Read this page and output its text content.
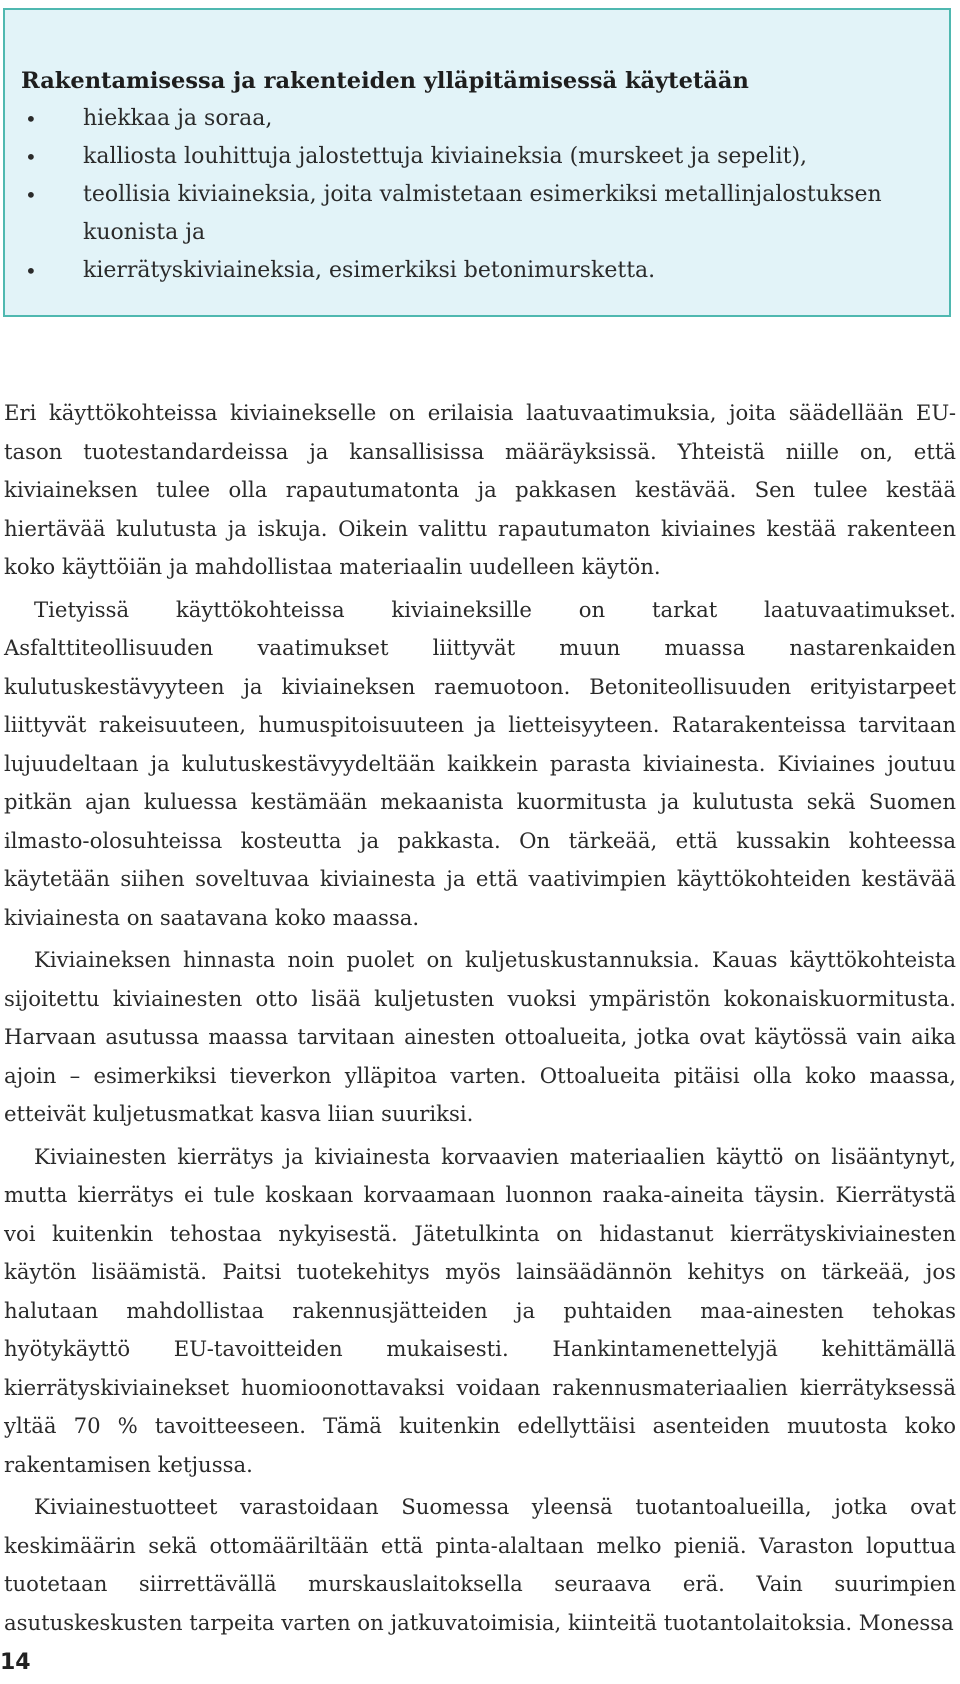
Rakentamisessa ja rakenteiden ylläpitämisessä käytetään

• hiekkaa ja soraa,
• kalliosta louhittuja jalostettuja kiviaineksia (murskeet ja sepelit),
• teollisia kiviaineksia, joita valmistetaan esimerkiksi metallinjalostuksen kuonista ja
• kierrätyskiviaineksia, esimerkiksi betonimursketta.

Eri käyttökohteissa kiviainekselle on erilaisia laatuvaatimuksia, joita säädellään EU-tason tuotestandardeissa ja kansallisissa määräyksissä. Yhteistä niille on, että kiviaineksen tulee olla rapautumatonta ja pakkasen kestävää. Sen tulee kestää hiertävää kulutusta ja iskuja. Oikein valittu rapautumaton kiviaines kestää rakenteen koko käyttöiän ja mahdollistaa materiaalin uudelleen käytön.

Tietyissä käyttökohteissa kiviaineksille on tarkat laatuvaatimukset. Asfalttiteollisuuden vaatimukset liittyvät muun muassa nastarenkaiden kulutuskestävyyteen ja kiviaineksen raemuotoon. Betoniteollisuuden erityistarpeet liittyvät rakeisuuteen, humuspitoisuuteen ja lietteisyyteen. Ratarakenteissa tarvitaan lujuudeltaan ja kulutuskestävyydeltään kaikkein parasta kiviainesta. Kiviaines joutuu pitkän ajan kuluessa kestämään mekaanista kuormitusta ja kulutusta sekä Suomen ilmasto-olosuhteissa kosteutta ja pakkasta. On tärkeää, että kussakin kohteessa käytetään siihen soveltuvaa kiviainesta ja että vaativimpien käyttökohteiden kestävää kiviainesta on saatavana koko maassa.

Kiviaineksen hinnasta noin puolet on kuljetuskustannuksia. Kauas käyttökohteista sijoitettu kiviainesten otto lisää kuljetusten vuoksi ympäristön kokonaiskuormitusta. Harvaan asutussa maassa tarvitaan ainesten ottoalueita, jotka ovat käytössä vain aika ajoin – esimerkiksi tieverkon ylläpitoa varten. Ottoalueita pitäisi olla koko maassa, etteivät kuljetusmatkat kasva liian suuriksi.

Kiviainesten kierrätys ja kiviainesta korvaavien materiaalien käyttö on lisääntynyt, mutta kierrätys ei tule koskaan korvaamaan luonnon raaka-aineita täysin. Kierrätystä voi kuitenkin tehostaa nykyisestä. Jätetulkinta on hidastanut kierrätyskiviainesten käytön lisäämistä. Paitsi tuotekehitys myös lainsäädännön kehitys on tärkeää, jos halutaan mahdollistaa rakennusjätteiden ja puhtaiden maa-ainesten tehokas hyötykäyttö EU-tavoitteiden mukaisesti. Hankintamenettelyjä kehittämällä kierrätyskiviainekset huomioonottavaksi voidaan rakennusmateriaalien kierrätyksessä yltää 70 % tavoitteeseen. Tämä kuitenkin edellyttäisi asenteiden muutosta koko rakentamisen ketjussa.

Kiviainestuotteet varastoidaan Suomessa yleensä tuotantoalueilla, jotka ovat keskimäärin sekä ottomääriltään että pinta-alaltaan melko pieniä. Varaston loputtua tuotetaan siirrettävällä murskauslaitoksella seuraava erä. Vain suurimpien asutuskeskusten tarpeita varten on jatkuvatoimisia, kiinteitä tuotantolaitoksia. Monessa

14
